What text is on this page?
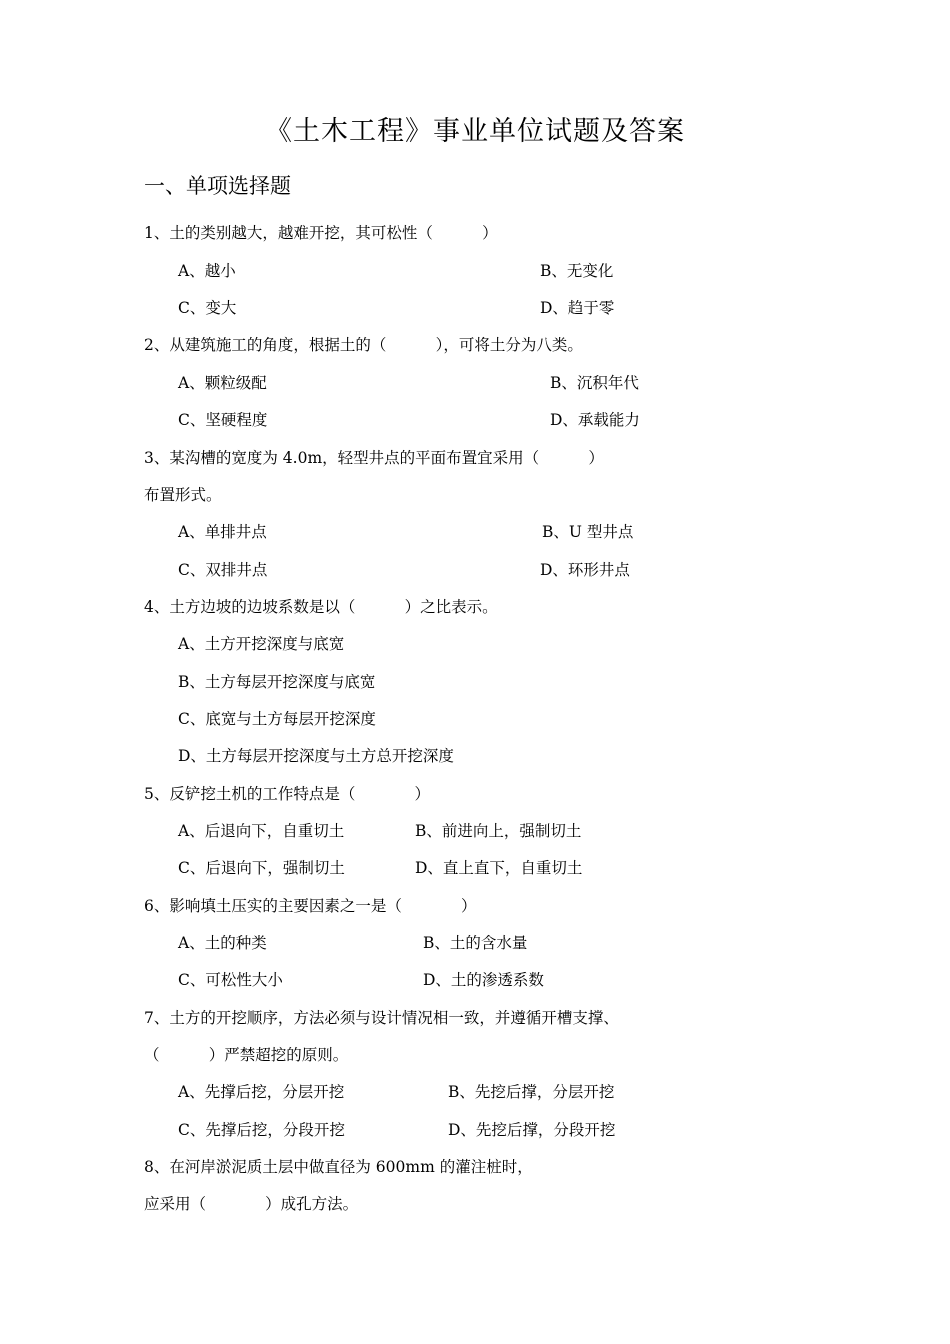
《土木工程》事业单位试题及答案
一、单项选择题
1、土的类别越大，越难开挖，其可松性（          ）
A、越小	B、无变化
C、变大	D、趋于零
2、从建筑施工的角度，根据土的（          ），可将土分为八类。
A、颗粒级配	B、沉积年代
C、坚硬程度	D、承载能力
3、某沟槽的宽度为 4.0m，轻型井点的平面布置宜采用（          ）
布置形式。
A、单排井点	B、U 型井点
C、双排井点	D、环形井点
4、土方边坡的边坡系数是以（          ）之比表示。
A、土方开挖深度与底宽
B、土方每层开挖深度与底宽
C、底宽与土方每层开挖深度
D、土方每层开挖深度与土方总开挖深度
5、反铲挖土机的工作特点是（            ）
A、后退向下，自重切土	B、前进向上，强制切土
C、后退向下，强制切土	D、直上直下，自重切土
6、影响填土压实的主要因素之一是（            ）
A、土的种类	B、土的含水量
C、可松性大小	D、土的渗透系数
7、土方的开挖顺序，方法必须与设计情况相一致，并遵循开槽支撑、
（          ）严禁超挖的原则。
A、先撑后挖，分层开挖	B、先挖后撑，分层开挖
C、先撑后挖，分段开挖	D、先挖后撑，分段开挖
8、在河岸淤泥质土层中做直径为 600mm 的灌注桩时，
应采用（            ）成孔方法。
